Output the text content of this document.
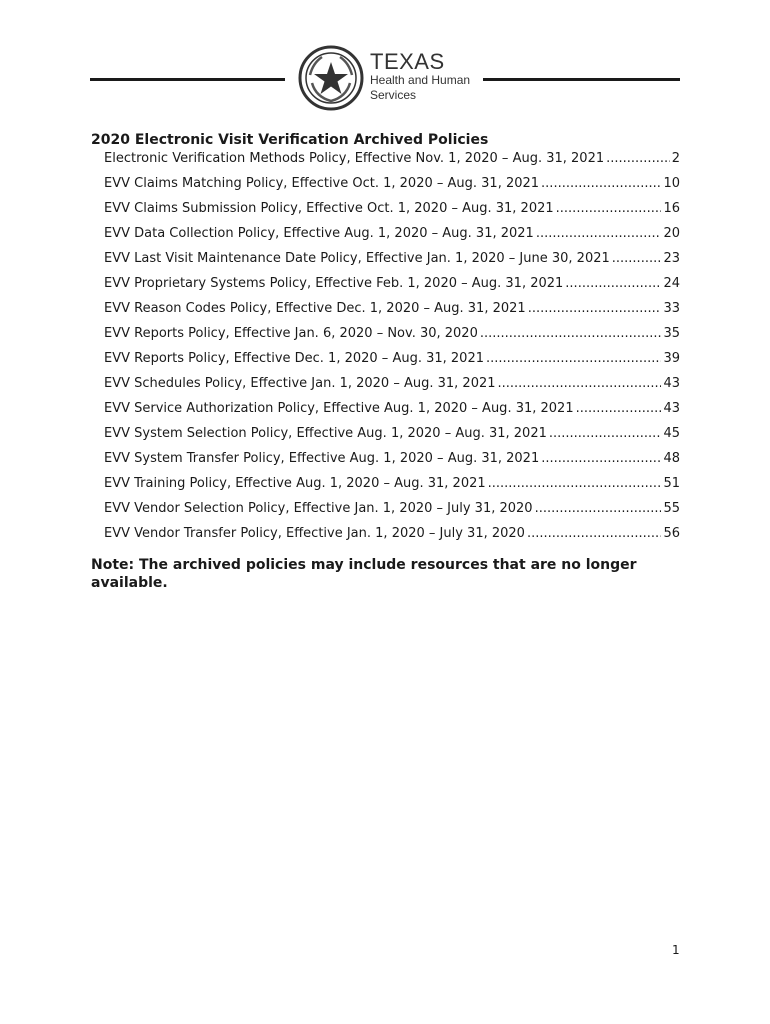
TEXAS
Health and Human
Services
2020 Electronic Visit Verification Archived Policies
Electronic Verification Methods Policy, Effective Nov. 1, 2020 – Aug. 31, 2021 .....	2
EVV Claims Matching Policy, Effective Oct. 1, 2020 – Aug. 31, 2021 .....	10
EVV Claims Submission Policy, Effective Oct. 1, 2020 – Aug. 31, 2021 .....	16
EVV Data Collection Policy, Effective Aug. 1, 2020 – Aug. 31, 2021 .....	20
EVV Last Visit Maintenance Date Policy, Effective Jan. 1, 2020 – June 30, 2021 .....	23
EVV Proprietary Systems Policy, Effective Feb. 1, 2020 – Aug. 31, 2021 .....	24
EVV Reason Codes Policy, Effective Dec. 1, 2020 – Aug. 31, 2021 .....	33
EVV Reports Policy, Effective Jan. 6, 2020 – Nov. 30, 2020 .....	35
EVV Reports Policy, Effective Dec. 1, 2020 – Aug. 31, 2021 .....	39
EVV Schedules Policy, Effective Jan. 1, 2020 – Aug. 31, 2021 .....	43
EVV Service Authorization Policy, Effective Aug. 1, 2020 – Aug. 31, 2021 .....	43
EVV System Selection Policy, Effective Aug. 1, 2020 – Aug. 31, 2021 .....	45
EVV System Transfer Policy, Effective Aug. 1, 2020 – Aug. 31, 2021 .....	48
EVV Training Policy, Effective Aug. 1, 2020 – Aug. 31, 2021 .....	51
EVV Vendor Selection Policy, Effective Jan. 1, 2020 – July 31, 2020 .....	55
EVV Vendor Transfer Policy, Effective Jan. 1, 2020 – July 31, 2020 .....	56
Note: The archived policies may include resources that are no longer available.
1
